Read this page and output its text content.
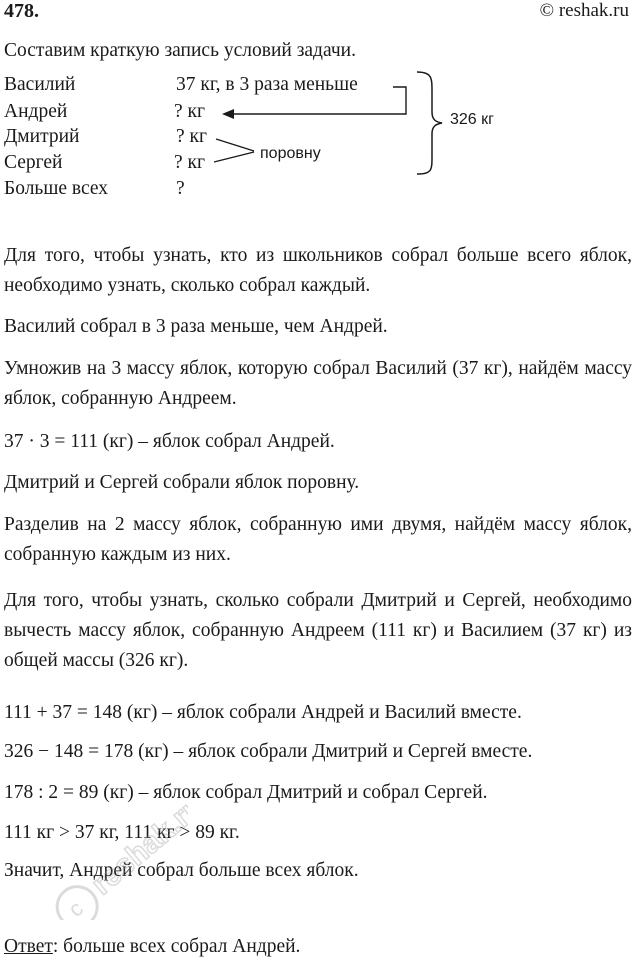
478.	© reshak.ru
Составим краткую запись условий задачи.
Василий	37 кг, в 3 раза меньше
Андрей	? кг
Дмитрий	? кг
Сергей	? кг
Больше всех	?
поровну
326 кг
Для того, чтобы узнать, кто из школьников собрал больше всего яблок, необходимо узнать, сколько собрал каждый.
Василий собрал в 3 раза меньше, чем Андрей.
Умножив на 3 массу яблок, которую собрал Василий (37 кг), найдём массу яблок, собранную Андреем.
37 · 3 = 111 (кг) – яблок собрал Андрей.
Дмитрий и Сергей собрали яблок поровну.
Разделив на 2 массу яблок, собранную ими двумя, найдём массу яблок, собранную каждым из них.
Для того, чтобы узнать, сколько собрали Дмитрий и Сергей, необходимо вычесть массу яблок, собранную Андреем (111 кг) и Василием (37 кг) из общей массы (326 кг).
111 + 37 = 148 (кг) – яблок собрали Андрей и Василий вместе.
326 − 148 = 178 (кг) – яблок собрали Дмитрий и Сергей вместе.
178 : 2 = 89 (кг) – яблок собрал Дмитрий и собрал Сергей.
111 кг > 37 кг, 111 кг > 89 кг.
Значит, Андрей собрал больше всех яблок.
Ответ: больше всех собрал Андрей.
c
reshak.ru
